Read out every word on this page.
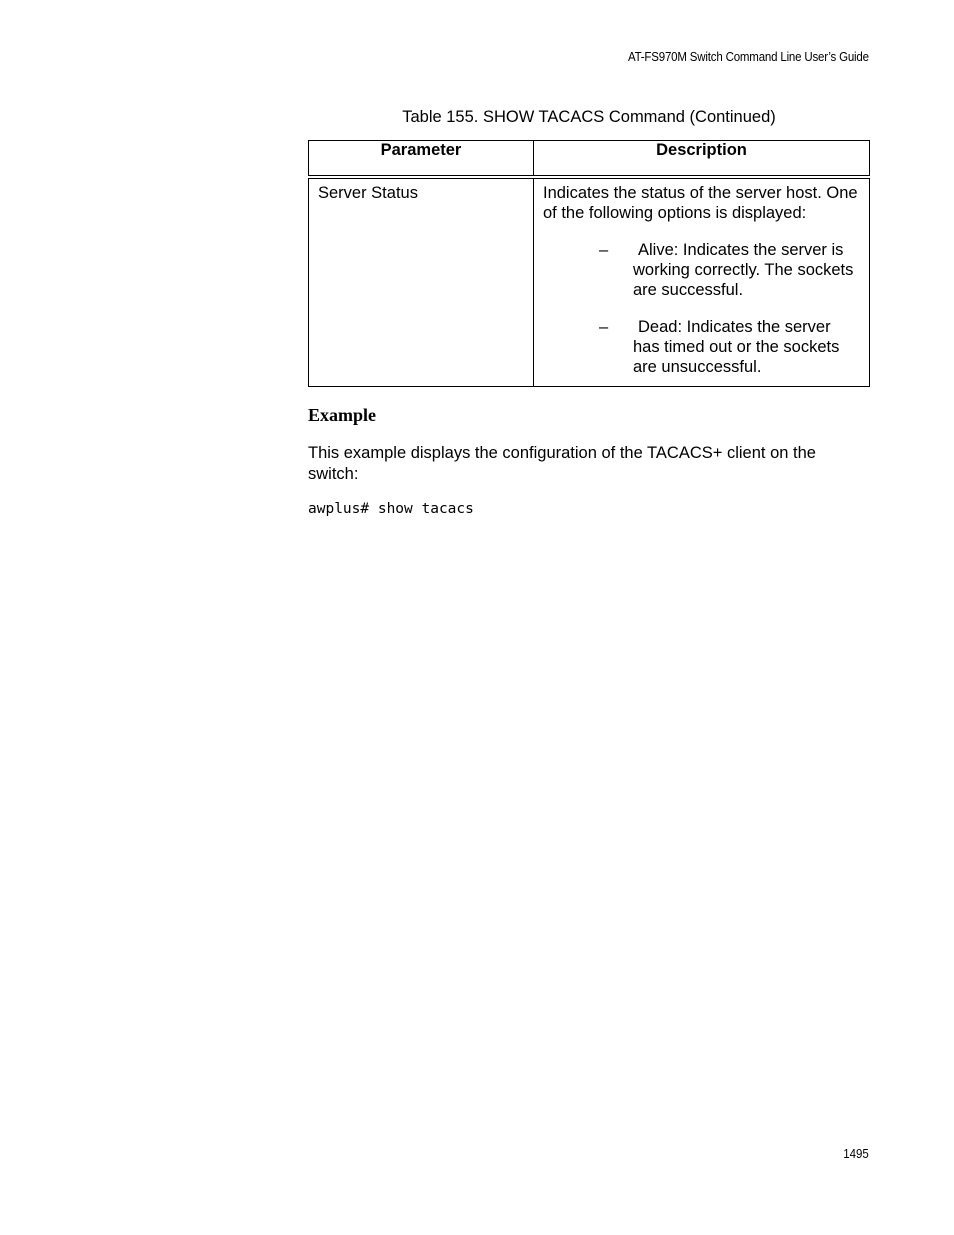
AT-FS970M Switch Command Line User’s Guide
Table 155. SHOW TACACS Command (Continued)
Parameter	Description
Server Status	Indicates the status of the server host. One of the following options is displayed:
– Alive: Indicates the server is working correctly. The sockets are successful.
– Dead: Indicates the server has timed out or the sockets are unsuccessful.
Example
This example displays the configuration of the TACACS+ client on the switch:
awplus# show tacacs
1495
